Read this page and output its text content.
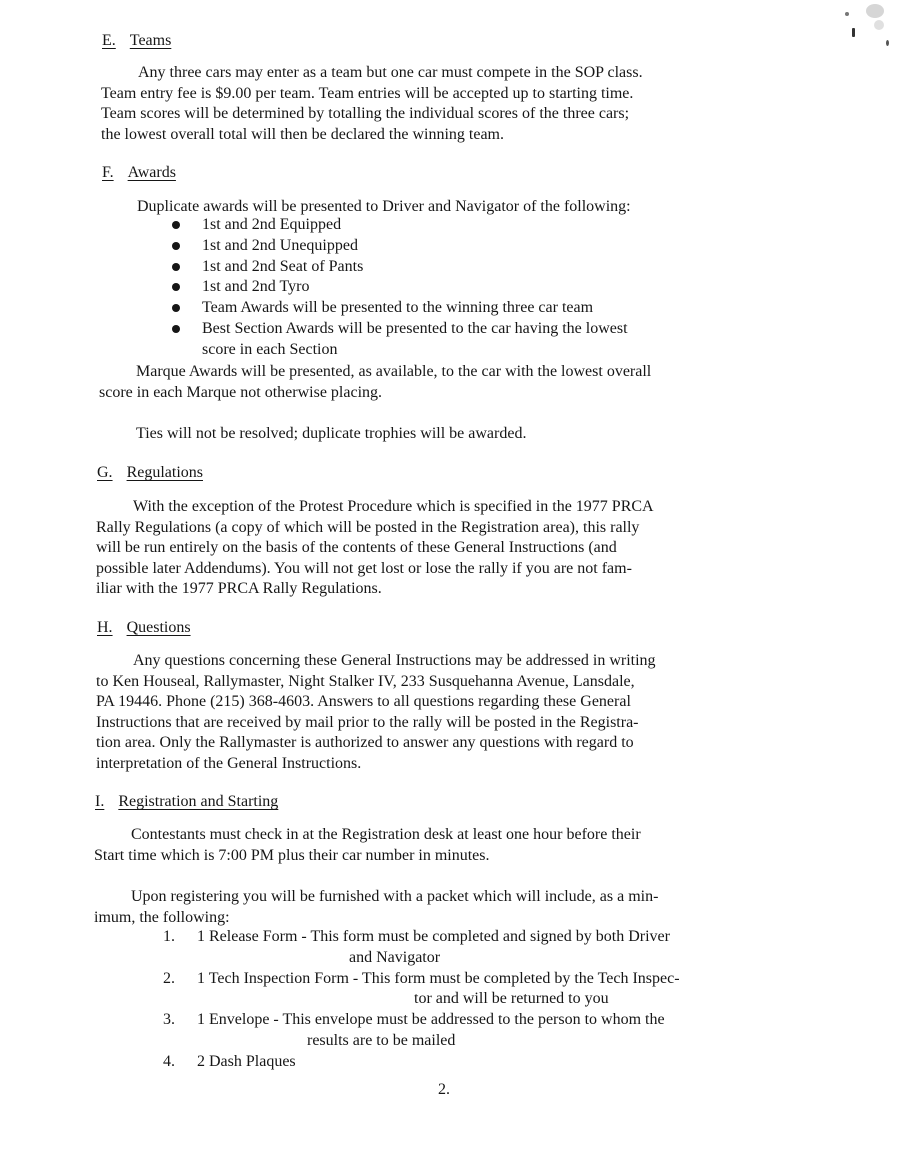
E. Teams
Any three cars may enter as a team but one car must compete in the SOP class.
Team entry fee is $9.00 per team. Team entries will be accepted up to starting time.
Team scores will be determined by totalling the individual scores of the three cars;
the lowest overall total will then be declared the winning team.
F. Awards
Duplicate awards will be presented to Driver and Navigator of the following:
1st and 2nd Equipped
1st and 2nd Unequipped
1st and 2nd Seat of Pants
1st and 2nd Tyro
Team Awards will be presented to the winning three car team
Best Section Awards will be presented to the car having the lowest
score in each Section
Marque Awards will be presented, as available, to the car with the lowest overall
score in each Marque not otherwise placing.
Ties will not be resolved; duplicate trophies will be awarded.
G. Regulations
With the exception of the Protest Procedure which is specified in the 1977 PRCA
Rally Regulations (a copy of which will be posted in the Registration area), this rally
will be run entirely on the basis of the contents of these General Instructions (and
possible later Addendums). You will not get lost or lose the rally if you are not fam-
iliar with the 1977 PRCA Rally Regulations.
H. Questions
Any questions concerning these General Instructions may be addressed in writing
to Ken Houseal, Rallymaster, Night Stalker IV, 233 Susquehanna Avenue, Lansdale,
PA 19446. Phone (215) 368-4603. Answers to all questions regarding these General
Instructions that are received by mail prior to the rally will be posted in the Registra-
tion area. Only the Rallymaster is authorized to answer any questions with regard to
interpretation of the General Instructions.
I. Registration and Starting
Contestants must check in at the Registration desk at least one hour before their
Start time which is 7:00 PM plus their car number in minutes.
Upon registering you will be furnished with a packet which will include, as a min-
imum, the following:
1. 1 Release Form - This form must be completed and signed by both Driver
and Navigator
2. 1 Tech Inspection Form - This form must be completed by the Tech Inspec-
tor and will be returned to you
3. 1 Envelope - This envelope must be addressed to the person to whom the
results are to be mailed
4. 2 Dash Plaques
2.
